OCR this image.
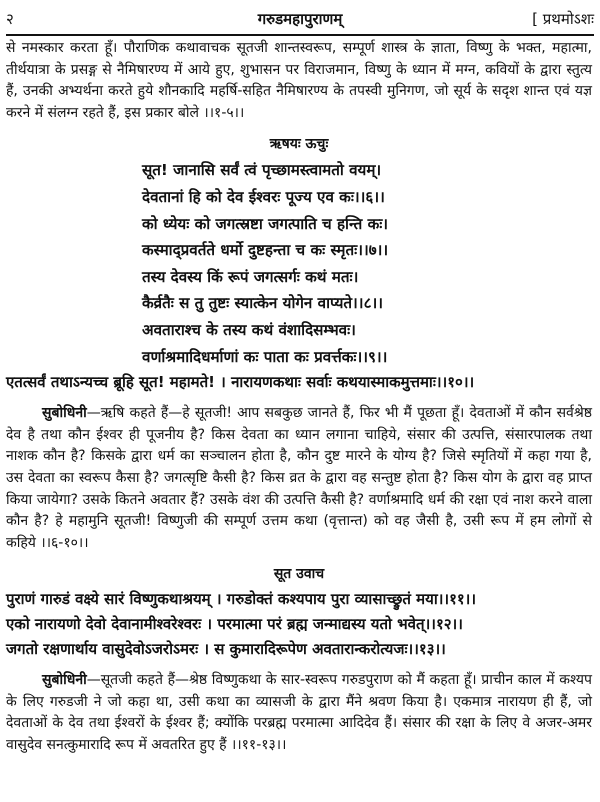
२	गरुडमहापुराणम्	[ प्रथमोऽशः

से नमस्कार करता हूँ। पौराणिक कथावाचक सूतजी शान्तस्वरूप, सम्पूर्ण शास्त्र के ज्ञाता, विष्णु के भक्त, महात्मा, तीर्थयात्रा के प्रसङ्ग से नैमिषारण्य में आये हुए, शुभासन पर विराजमान, विष्णु के ध्यान में मग्न, कवियों के द्वारा स्तुत्य हैं, उनकी अभ्यर्थना करते हुये शौनकादि महर्षि-सहित नैमिषारण्य के तपस्वी मुनिगण, जो सूर्य के सदृश शान्त एवं यज्ञ करने में संलग्न रहते हैं, इस प्रकार बोले ।।१-५।।

ऋषयः ऊचुः
सूत! जानासि सर्वं त्वं पृच्छामस्त्वामतो वयम्।
देवतानां हि को देव ईश्वरः पूज्य एव कः।।६।।
को ध्येयः को जगत्स्रष्टा जगत्पाति च हन्ति कः।
कस्माद्प्रवर्तते धर्मो दुष्टहन्ता च कः स्मृतः।।७।।
तस्य देवस्य किं रूपं जगत्सर्गः कथं मतः।
कैर्व्रतैः स तु तुष्टः स्यात्केन योगेन वाप्यते।।८।।
अवताराश्च के तस्य कथं वंशादिसम्भवः।
वर्णाश्रमादिधर्माणां कः पाता कः प्रवर्त्तकः।।९।।
एतत्सर्वं तथाऽन्यच्च ब्रूहि सूत! महामते! । नारायणकथाः सर्वाः कथयास्माकमुत्तमाः।।१०।।

सुबोधिनी—ऋषि कहते हैं—हे सूतजी! आप सबकुछ जानते हैं, फिर भी मैं पूछता हूँ। देवताओं में कौन सर्वश्रेष्ठ देव है तथा कौन ईश्वर ही पूजनीय है? किस देवता का ध्यान लगाना चाहिये, संसार की उत्पत्ति, संसारपालक तथा नाशक कौन है? किसके द्वारा धर्म का सञ्चालन होता है, कौन दुष्ट मारने के योग्य है? जिसे स्मृतियों में कहा गया है, उस देवता का स्वरूप कैसा है? जगत्सृष्टि कैसी है? किस व्रत के द्वारा वह सन्तुष्ट होता है? किस योग के द्वारा वह प्राप्त किया जायेगा? उसके कितने अवतार हैं? उसके वंश की उत्पत्ति कैसी है? वर्णाश्रमादि धर्म की रक्षा एवं नाश करने वाला कौन है? हे महामुनि सूतजी! विष्णुजी की सम्पूर्ण उत्तम कथा (वृत्तान्त) को वह जैसी है, उसी रूप में हम लोगों से कहिये ।।६-१०।।

सूत उवाच
पुराणं गारुडं वक्ष्ये सारं विष्णुकथाश्रयम् । गरुडोक्तं कश्यपाय पुरा व्यासाच्छ्रुतं मया।।११।।
एको नारायणो देवो देवानामीश्वरेश्वरः । परमात्मा परं ब्रह्म जन्माद्यस्य यतो भवेत्।।१२।।
जगतो रक्षणार्थाय वासुदेवोऽजरोऽमरः । स कुमारादिरूपेण अवतारान्करोत्यजः।।१३।।

सुबोधिनी—सूतजी कहते हैं—श्रेष्ठ विष्णुकथा के सार-स्वरूप गरुडपुराण को मैं कहता हूँ। प्राचीन काल में कश्यप के लिए गरुडजी ने जो कहा था, उसी कथा का व्यासजी के द्वारा मैंने श्रवण किया है। एकमात्र नारायण ही हैं, जो देवताओं के देव तथा ईश्वरों के ईश्वर हैं; क्योंकि परब्रह्म परमात्मा आदिदेव हैं। संसार की रक्षा के लिए वे अजर-अमर वासुदेव सनत्कुमारादि रूप में अवतरित हुए हैं ।।११-१३।।
